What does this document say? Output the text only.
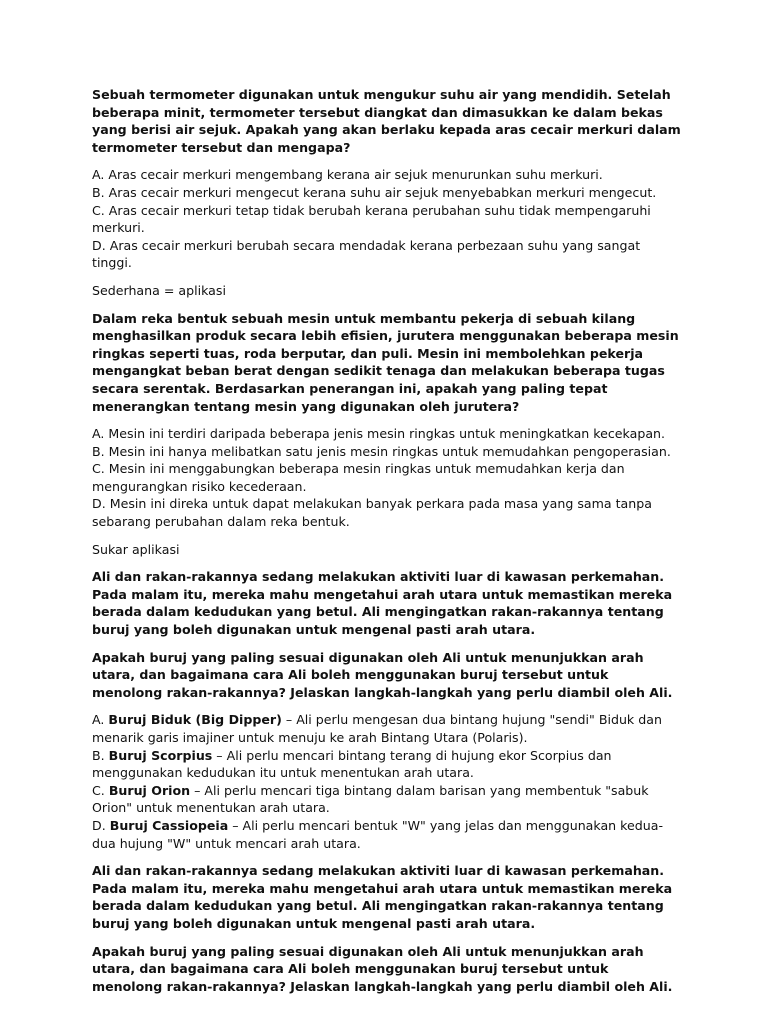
Sebuah termometer digunakan untuk mengukur suhu air yang mendidih. Setelah beberapa minit, termometer tersebut diangkat dan dimasukkan ke dalam bekas yang berisi air sejuk. Apakah yang akan berlaku kepada aras cecair merkuri dalam termometer tersebut dan mengapa?

A. Aras cecair merkuri mengembang kerana air sejuk menurunkan suhu merkuri.
B. Aras cecair merkuri mengecut kerana suhu air sejuk menyebabkan merkuri mengecut.
C. Aras cecair merkuri tetap tidak berubah kerana perubahan suhu tidak mempengaruhi merkuri.
D. Aras cecair merkuri berubah secara mendadak kerana perbezaan suhu yang sangat tinggi.

Sederhana = aplikasi

Dalam reka bentuk sebuah mesin untuk membantu pekerja di sebuah kilang menghasilkan produk secara lebih efisien, jurutera menggunakan beberapa mesin ringkas seperti tuas, roda berputar, dan puli. Mesin ini membolehkan pekerja mengangkat beban berat dengan sedikit tenaga dan melakukan beberapa tugas secara serentak. Berdasarkan penerangan ini, apakah yang paling tepat menerangkan tentang mesin yang digunakan oleh jurutera?

A. Mesin ini terdiri daripada beberapa jenis mesin ringkas untuk meningkatkan kecekapan.
B. Mesin ini hanya melibatkan satu jenis mesin ringkas untuk memudahkan pengoperasian.
C. Mesin ini menggabungkan beberapa mesin ringkas untuk memudahkan kerja dan mengurangkan risiko kecederaan.
D. Mesin ini direka untuk dapat melakukan banyak perkara pada masa yang sama tanpa sebarang perubahan dalam reka bentuk.

Sukar aplikasi

Ali dan rakan-rakannya sedang melakukan aktiviti luar di kawasan perkemahan. Pada malam itu, mereka mahu mengetahui arah utara untuk memastikan mereka berada dalam kedudukan yang betul. Ali mengingatkan rakan-rakannya tentang buruj yang boleh digunakan untuk mengenal pasti arah utara.

Apakah buruj yang paling sesuai digunakan oleh Ali untuk menunjukkan arah utara, dan bagaimana cara Ali boleh menggunakan buruj tersebut untuk menolong rakan-rakannya? Jelaskan langkah-langkah yang perlu diambil oleh Ali.

A. Buruj Biduk (Big Dipper) – Ali perlu mengesan dua bintang hujung "sendi" Biduk dan menarik garis imajiner untuk menuju ke arah Bintang Utara (Polaris).
B. Buruj Scorpius – Ali perlu mencari bintang terang di hujung ekor Scorpius dan menggunakan kedudukan itu untuk menentukan arah utara.
C. Buruj Orion – Ali perlu mencari tiga bintang dalam barisan yang membentuk "sabuk Orion" untuk menentukan arah utara.
D. Buruj Cassiopeia – Ali perlu mencari bentuk "W" yang jelas dan menggunakan kedua-dua hujung "W" untuk mencari arah utara.

Ali dan rakan-rakannya sedang melakukan aktiviti luar di kawasan perkemahan. Pada malam itu, mereka mahu mengetahui arah utara untuk memastikan mereka berada dalam kedudukan yang betul. Ali mengingatkan rakan-rakannya tentang buruj yang boleh digunakan untuk mengenal pasti arah utara.

Apakah buruj yang paling sesuai digunakan oleh Ali untuk menunjukkan arah utara, dan bagaimana cara Ali boleh menggunakan buruj tersebut untuk menolong rakan-rakannya? Jelaskan langkah-langkah yang perlu diambil oleh Ali.
